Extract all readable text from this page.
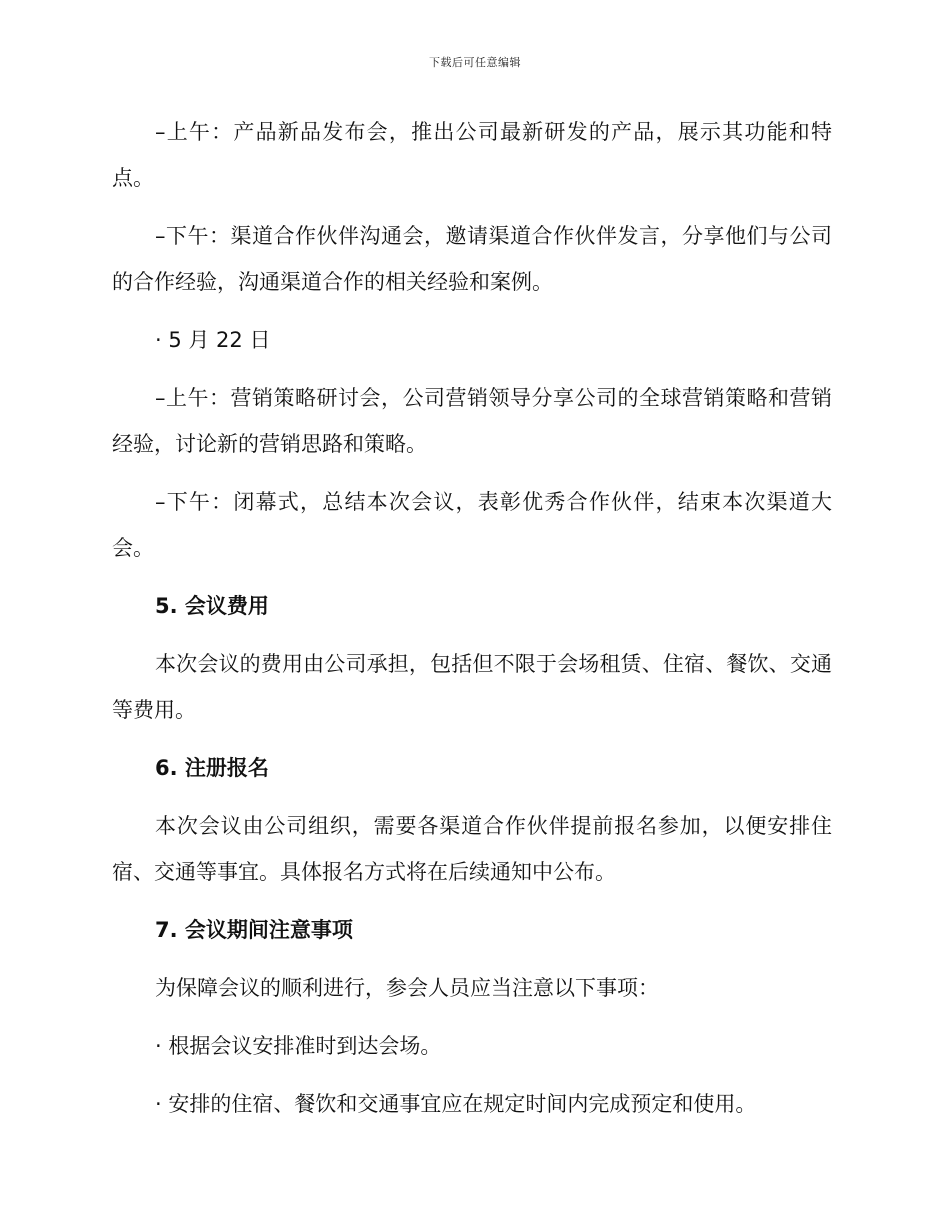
下载后可任意编辑

–上午：产品新品发布会，推出公司最新研发的产品，展示其功能和特点。

–下午：渠道合作伙伴沟通会，邀请渠道合作伙伴发言，分享他们与公司的合作经验，沟通渠道合作的相关经验和案例。

· 5 月 22 日

–上午：营销策略研讨会，公司营销领导分享公司的全球营销策略和营销经验，讨论新的营销思路和策略。

–下午：闭幕式，总结本次会议，表彰优秀合作伙伴，结束本次渠道大会。

5. 会议费用

本次会议的费用由公司承担，包括但不限于会场租赁、住宿、餐饮、交通等费用。

6. 注册报名

本次会议由公司组织，需要各渠道合作伙伴提前报名参加，以便安排住宿、交通等事宜。具体报名方式将在后续通知中公布。

7. 会议期间注意事项

为保障会议的顺利进行，参会人员应当注意以下事项：

· 根据会议安排准时到达会场。

· 安排的住宿、餐饮和交通事宜应在规定时间内完成预定和使用。
